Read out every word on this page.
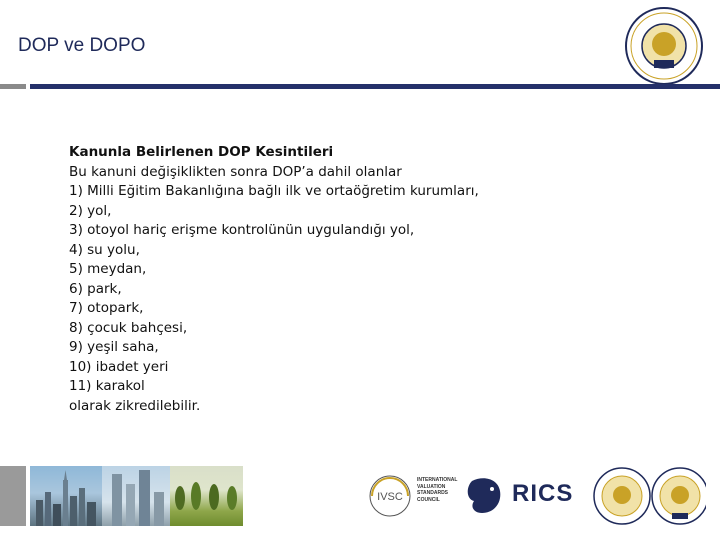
DOP ve DOPO
Kanunla Belirlenen DOP Kesintileri
Bu kanuni değişiklikten sonra DOP’a dahil olanlar
1) Milli Eğitim Bakanlığına bağlı ilk ve ortaöğretim kurumları,
2) yol,
3) otoyol hariç erişme kontrolünün uygulandığı yol,
4) su yolu,
5) meydan,
6) park,
7) otopark,
8) çocuk bahçesi,
9) yeşil saha,
10) ibadet yeri
11) karakol
olarak zikredilebilir.
IVSC
INTERNATIONAL VALUATION STANDARDS COUNCIL	RICS
